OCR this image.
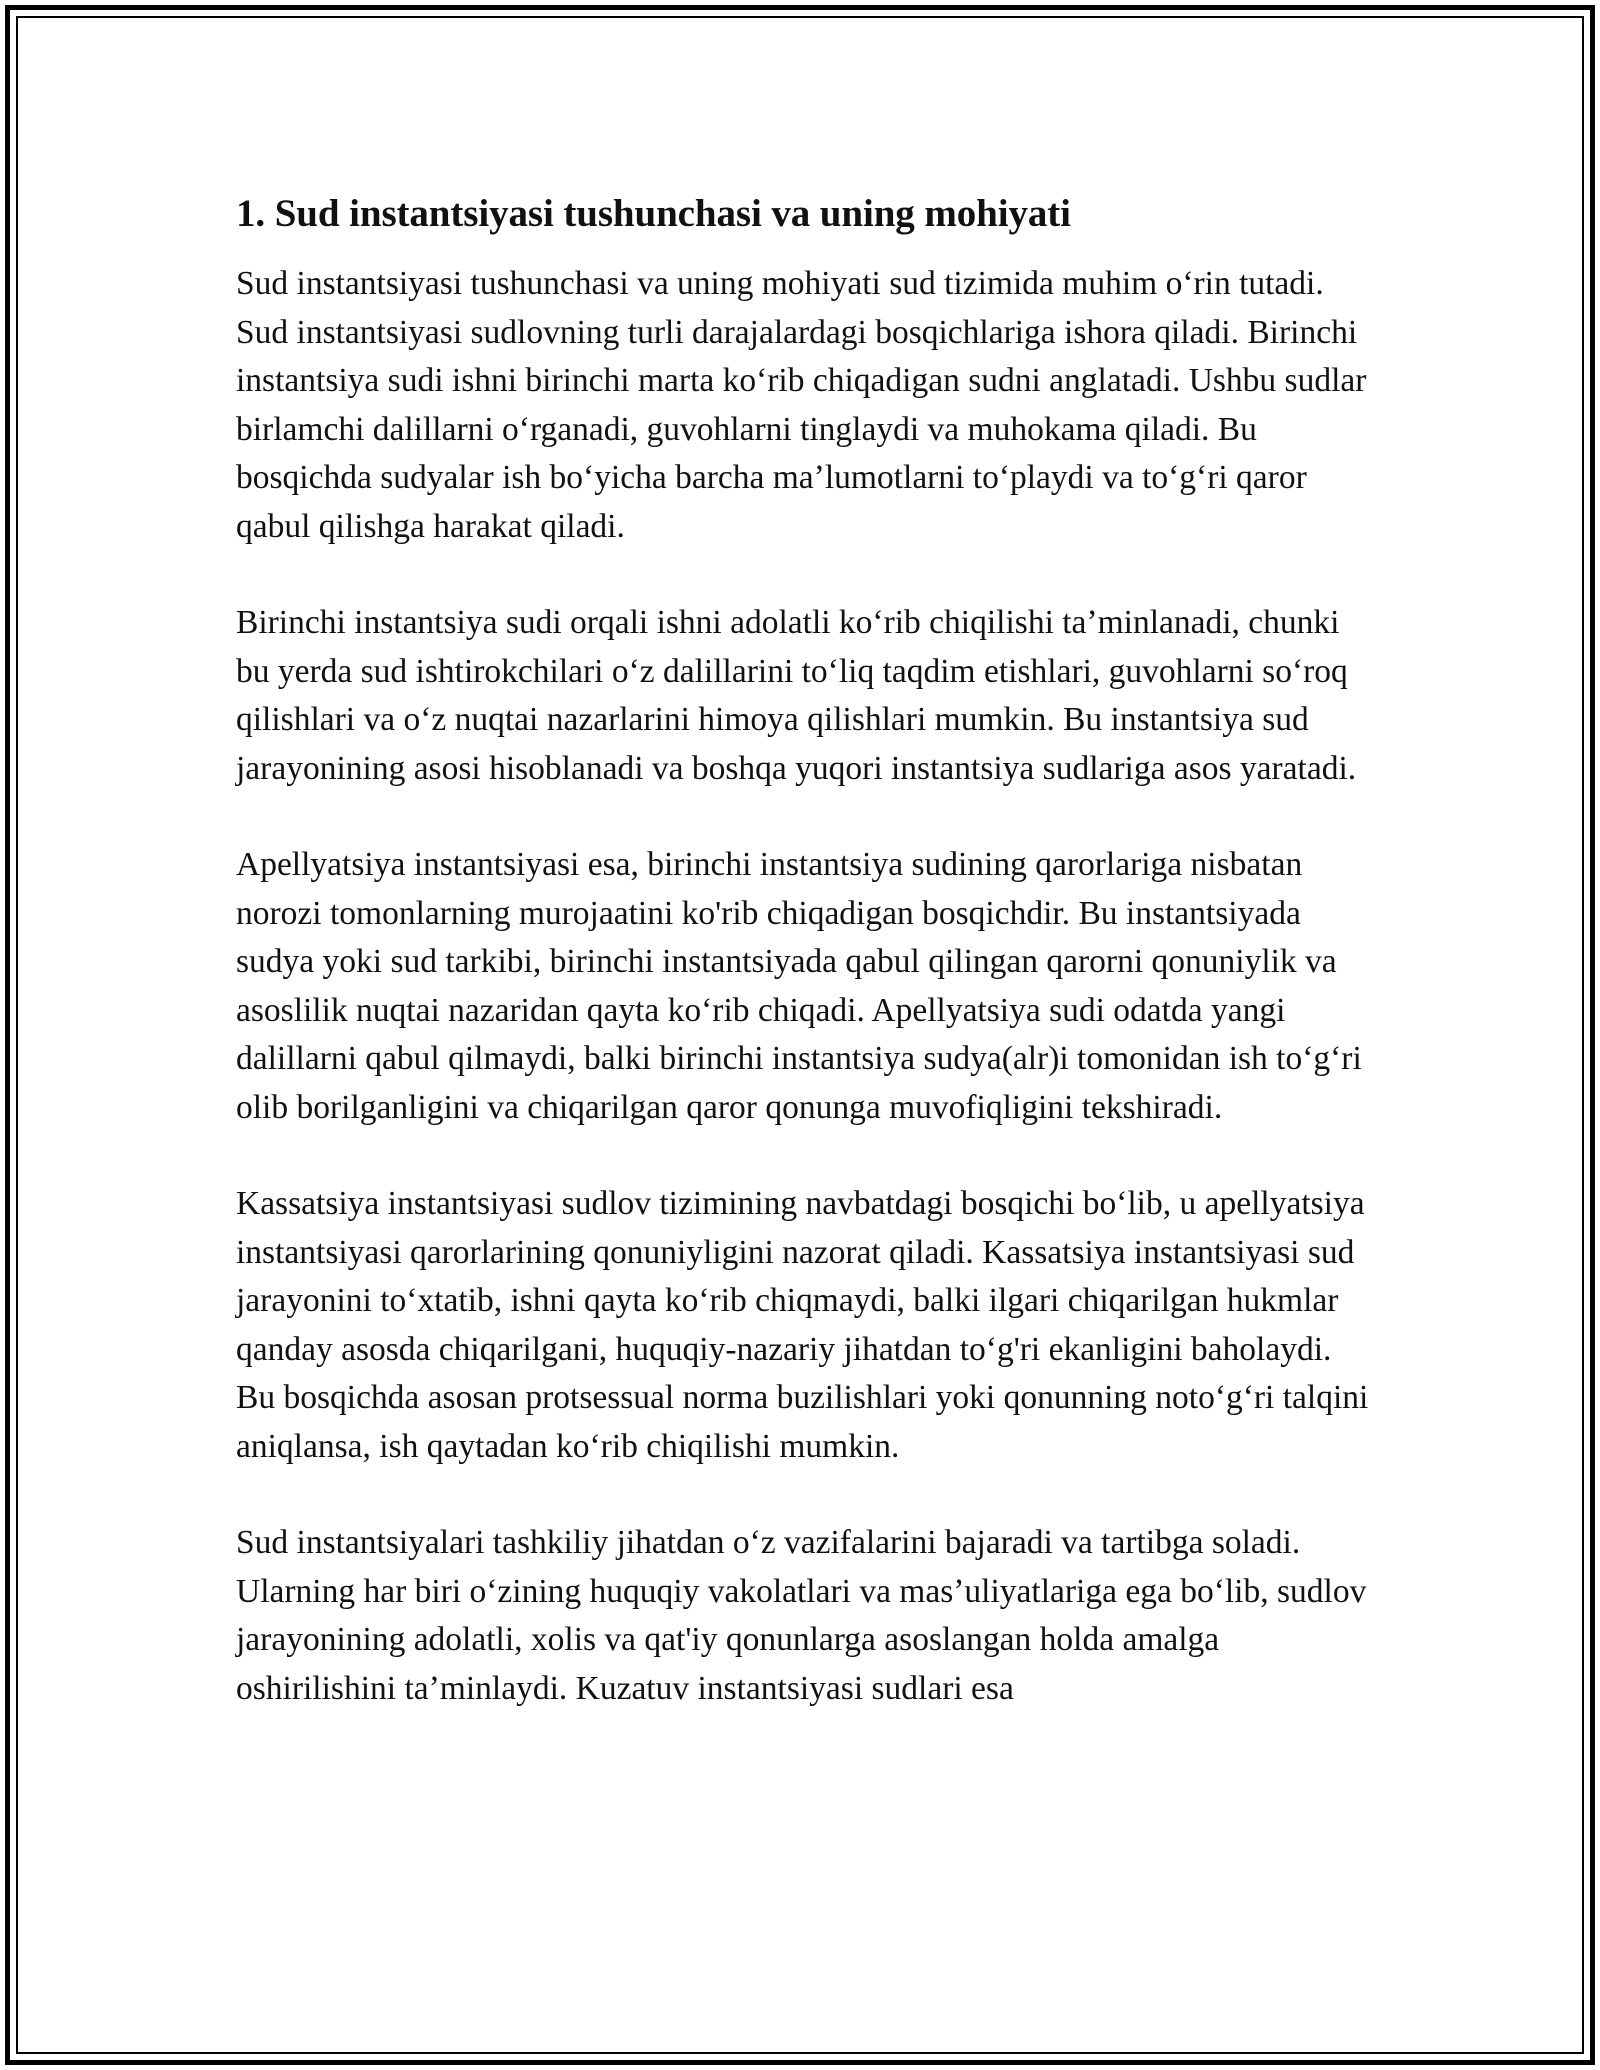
1. Sud instantsiyasi tushunchasi va uning mohiyati

Sud instantsiyasi tushunchasi va uning mohiyati sud tizimida muhim oʻrin tutadi. Sud instantsiyasi sudlovning turli darajalardagi bosqichlariga ishora qiladi. Birinchi instantsiya sudi ishni birinchi marta koʻrib chiqadigan sudni anglatadi. Ushbu sudlar birlamchi dalillarni oʻrganadi, guvohlarni tinglaydi va muhokama qiladi. Bu bosqichda sudyalar ish boʻyicha barcha maʼlumotlarni toʻplaydi va toʻgʻri qaror qabul qilishga harakat qiladi.

Birinchi instantsiya sudi orqali ishni adolatli koʻrib chiqilishi taʼminlanadi, chunki bu yerda sud ishtirokchilari oʻz dalillarini toʻliq taqdim etishlari, guvohlarni soʻroq qilishlari va oʻz nuqtai nazarlarini himoya qilishlari mumkin. Bu instantsiya sud jarayonining asosi hisoblanadi va boshqa yuqori instantsiya sudlariga asos yaratadi.

Apellyatsiya instantsiyasi esa, birinchi instantsiya sudining qarorlariga nisbatan norozi tomonlarning murojaatini ko'rib chiqadigan bosqichdir. Bu instantsiyada sudya yoki sud tarkibi, birinchi instantsiyada qabul qilingan qarorni qonuniylik va asoslilik nuqtai nazaridan qayta koʻrib chiqadi. Apellyatsiya sudi odatda yangi dalillarni qabul qilmaydi, balki birinchi instantsiya sudya(alr)i tomonidan ish toʻgʻri olib borilganligini va chiqarilgan qaror qonunga muvofiqligini tekshiradi.

Kassatsiya instantsiyasi sudlov tizimining navbatdagi bosqichi boʻlib, u apellyatsiya instantsiyasi qarorlarining qonuniyligini nazorat qiladi. Kassatsiya instantsiyasi sud jarayonini toʻxtatib, ishni qayta koʻrib chiqmaydi, balki ilgari chiqarilgan hukmlar qanday asosda chiqarilgani, huquqiy-nazariy jihatdan toʻg'ri ekanligini baholaydi. Bu bosqichda asosan protsessual norma buzilishlari yoki qonunning notoʻgʻri talqini aniqlansa, ish qaytadan koʻrib chiqilishi mumkin.

Sud instantsiyalari tashkiliy jihatdan oʻz vazifalarini bajaradi va tartibga soladi. Ularning har biri oʻzining huquqiy vakolatlari va masʼuliyatlariga ega boʻlib, sudlov jarayonining adolatli, xolis va qat'iy qonunlarga asoslangan holda amalga oshirilishini taʼminlaydi. Kuzatuv instantsiyasi sudlari esa
